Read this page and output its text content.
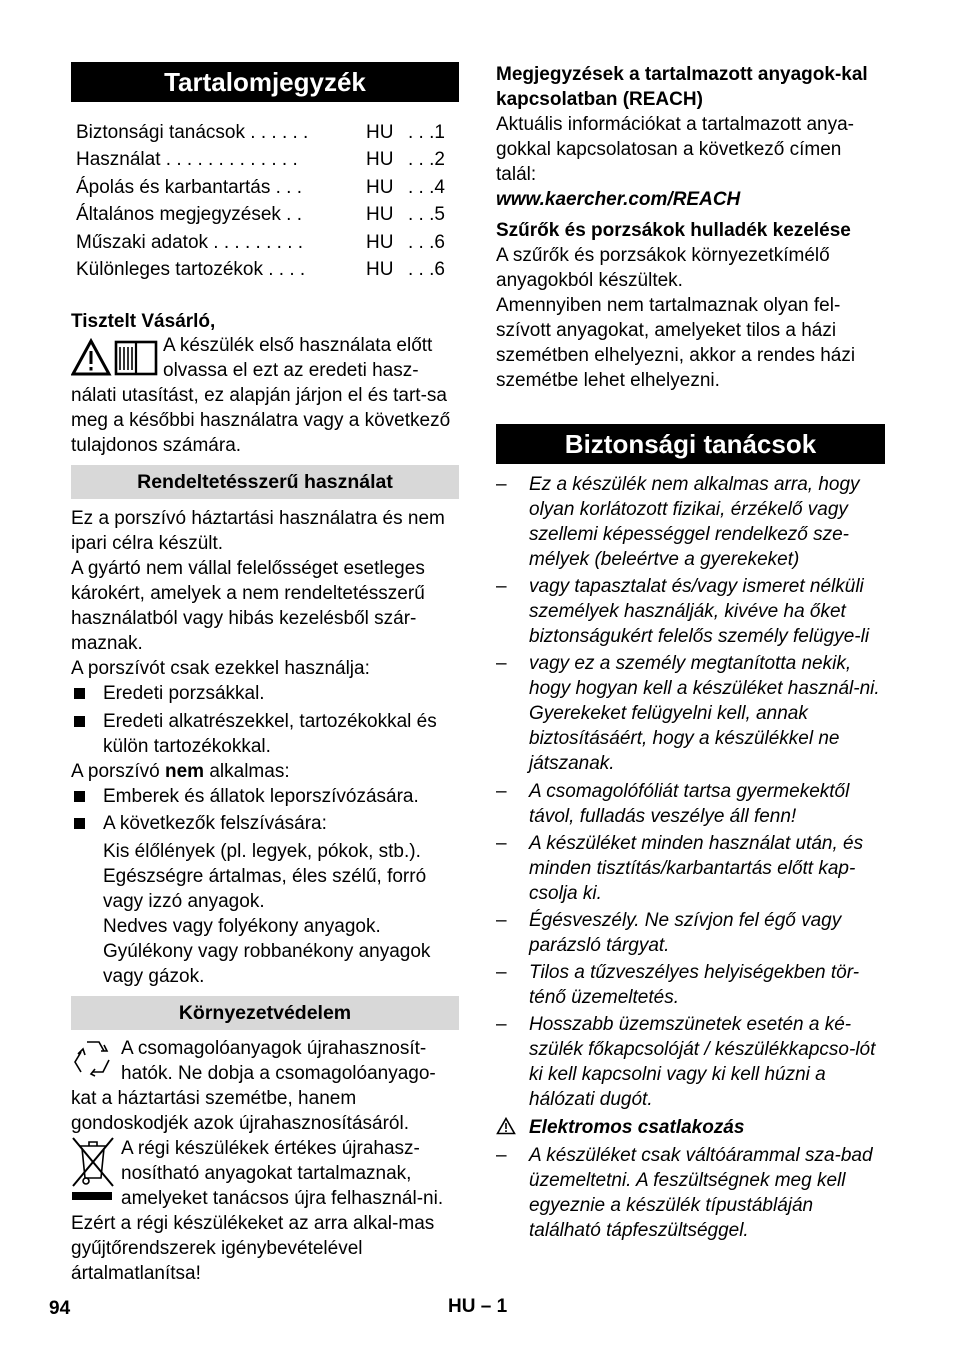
Tartalomjegyzék
Biztonsági tanácsok . . . . . .	HU . . .1
Használat . . . . . . . . . . . . .	HU . . .2
Ápolás és karbantartás . . .	HU . . .4
Általános megjegyzések . .	HU . . .5
Műszaki adatok . . . . . . . . .	HU . . .6
Különleges tartozékok . . . .	HU . . .6

Tisztelt Vásárló,

A készülék első használata előtt olvassa el ezt az eredeti hasz-

nálati utasítást, ez alapján járjon el és tart-sa meg a későbbi használatra vagy a következő tulajdonos számára.

Rendeltetésszerű használat

Ez a porszívó háztartási használatra és nem ipari célra készült.

A gyártó nem vállal felelősséget esetleges károkért, amelyek a nem rendeltetésszerű használatból vagy hibás kezelésből szár-maznak.

A porszívót csak ezekkel használja:

Eredeti porzsákkal.
Eredeti alkatrészekkel, tartozékokkal és külön tartozékokkal.

A porszívó nem alkalmas:

Emberek és állatok leporszívózására.
A következők felszívására:
Kis élőlények (pl. legyek, pókok, stb.).
Egészségre ártalmas, éles szélű, forró vagy izzó anyagok.
Nedves vagy folyékony anyagok.
Gyúlékony vagy robbanékony anyagok vagy gázok.
Környezetvédelem

A csomagolóanyagok újrahasznosít-hatók. Ne dobja a csomagolóanyago-kat a háztartási szemétbe, hanem gondoskodjék azok újrahasznosításáról.

A régi készülékek értékes újrahasz-nosítható anyagokat tartalmaznak, amelyeket tanácsos újra felhasznál-ni. Ezért a régi készülékeket az arra alkal-mas gyűjtőrendszerek igénybevételével ártalmatlanítsa!

Megjegyzések a tartalmazott anyagok-kal kapcsolatban (REACH)

Aktuális információkat a tartalmazott anya-gokkal kapcsolatosan a következő címen talál:

www.kaercher.com/REACH

Szűrők és porzsákok hulladék kezelése

A szűrők és porzsákok környezetkímélő anyagokból készültek.

Amennyiben nem tartalmaznak olyan fel-szívott anyagokat, amelyeket tilos a házi szemétben elhelyezni, akkor a rendes házi szemétbe lehet elhelyezni.

Biztonsági tanácsok
– Ez a készülék nem alkalmas arra, hogy olyan korlátozott fizikai, érzékelő vagy szellemi képességgel rendelkező sze-mélyek (beleértve a gyerekeket)
– vagy tapasztalat és/vagy ismeret nélküli személyek használják, kivéve ha őket biztonságukért felelős személy felügye-li
– vagy ez a személy megtanította nekik, hogy hogyan kell a készüléket használ-ni. Gyerekeket felügyelni kell, annak biztosításáért, hogy a készülékkel ne játszanak.
– A csomagolófóliát tartsa gyermekektől távol, fulladás veszélye áll fenn!
– A készüléket minden használat után, és minden tisztítás/karbantartás előtt kap-csolja ki.
– Égésveszély. Ne szívjon fel égő vagy parázsló tárgyat.
– Tilos a tűzveszélyes helyiségekben tör-ténő üzemeltetés.
– Hosszabb üzemszünetek esetén a ké-szülék főkapcsolóját / készülékkapcso-lót ki kell kapcsolni vagy ki kell húzni a hálózati dugót.
Elektromos csatlakozás
– A készüléket csak váltóárammal sza-bad üzemeltetni. A feszültségnek meg kell egyeznie a készülék típustábláján található tápfeszültséggel.
94	HU – 1
